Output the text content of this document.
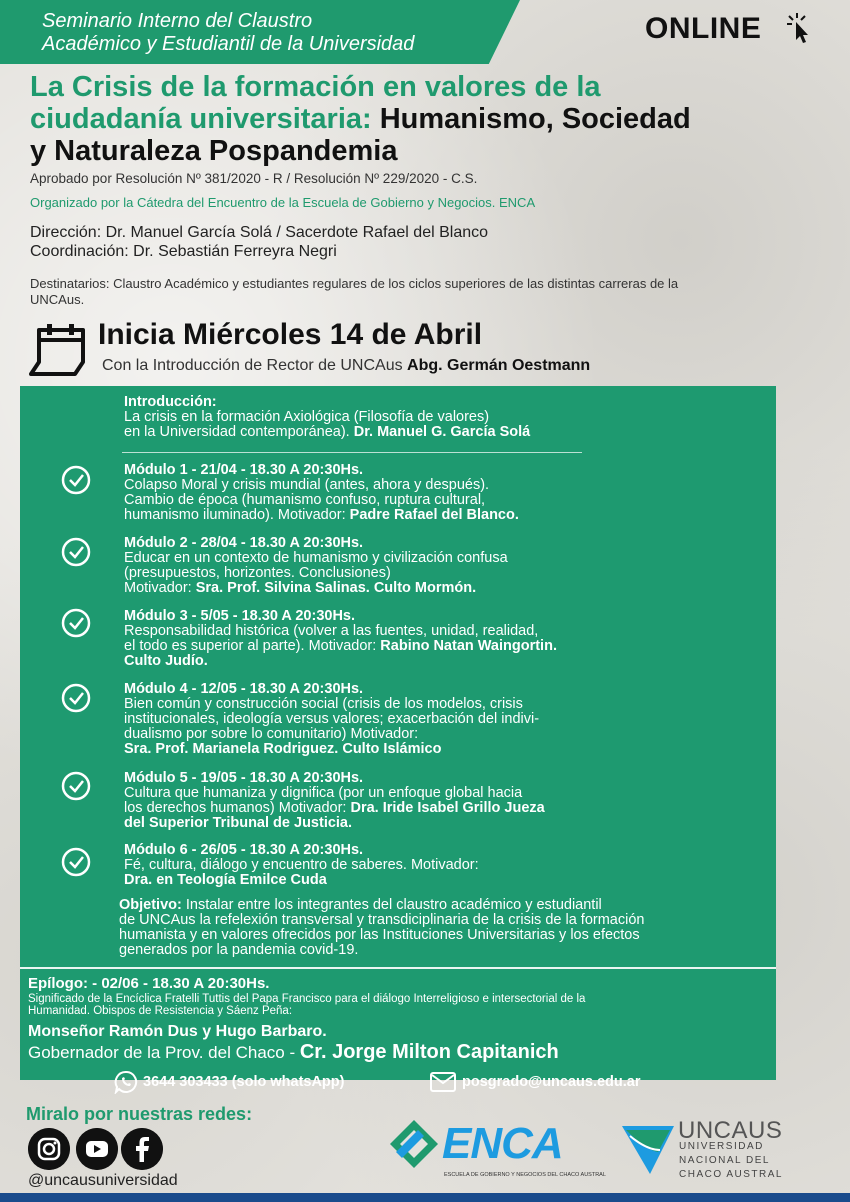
Seminario Interno del Claustro
Académico y Estudiantil de la Universidad	ONLINE
La Crisis de la formación en valores de la
ciudadanía universitaria: Humanismo, Sociedad
y Naturaleza Pospandemia
Aprobado por Resolución Nº 381/2020 - R / Resolución Nº 229/2020 - C.S.
Organizado por la Cátedra del Encuentro de la Escuela de Gobierno y Negocios. ENCA
Dirección: Dr. Manuel García Solá / Sacerdote Rafael del Blanco
Coordinación: Dr. Sebastián Ferreyra Negri
Destinatarios: Claustro Académico y estudiantes regulares de los ciclos superiores de las distintas carreras de la UNCAus.
Inicia Miércoles 14 de Abril
Con la Introducción de Rector de UNCAus Abg. Germán Oestmann
Introducción:
La crisis en la formación Axiológica (Filosofía de valores)
en la Universidad contemporánea). Dr. Manuel G. García Solá
Módulo 1 - 21/04 - 18.30 A 20:30Hs.
Colapso Moral y crisis mundial (antes, ahora y después).
Cambio de época (humanismo confuso, ruptura cultural,
humanismo iluminado). Motivador: Padre Rafael del Blanco.
Módulo 2 - 28/04 - 18.30 A 20:30Hs.
Educar en un contexto de humanismo y civilización confusa
(presupuestos, horizontes. Conclusiones)
Motivador: Sra. Prof. Silvina Salinas. Culto Mormón.
Módulo 3 - 5/05 - 18.30 A 20:30Hs.
Responsabilidad histórica (volver a las fuentes, unidad, realidad,
el todo es superior al parte). Motivador: Rabino Natan Waingortin.
Culto Judío.
Módulo 4 - 12/05 - 18.30 A 20:30Hs.
Bien común y construcción social (crisis de los modelos, crisis
institucionales, ideología versus valores; exacerbación del indivi-
dualismo por sobre lo comunitario) Motivador:
Sra. Prof. Marianela Rodriguez. Culto Islámico
Módulo 5 - 19/05 - 18.30 A 20:30Hs.
Cultura que humaniza y dignifica (por un enfoque global hacia
los derechos humanos) Motivador: Dra. Iride Isabel Grillo Jueza
del Superior Tribunal de Justicia.
Módulo 6 - 26/05 - 18.30 A 20:30Hs.
Fé, cultura, diálogo y encuentro de saberes. Motivador:
Dra. en Teología Emilce Cuda
Objetivo: Instalar entre los integrantes del claustro académico y estudiantil
de UNCAus la refelexión transversal y transdiciplinaria de la crisis de la formación
humanista y en valores ofrecidos por las Instituciones Universitarias y los efectos
generados por la pandemia covid-19.
Epílogo: - 02/06 - 18.30 A 20:30Hs.
Significado de la Encíclica Fratelli Tuttis del Papa Francisco para el diálogo Interreligioso e intersectorial de la
Humanidad. Obispos de Resistencia y Sáenz Peña:
Monseñor Ramón Dus y Hugo Barbaro.
Gobernador de la Prov. del Chaco - Cr. Jorge Milton Capitanich
3644 303433 (solo whatsApp)	posgrado@uncaus.edu.ar
Miralo por nuestras redes:
@uncausuniversidad
ENCA
ESCUELA DE GOBIERNO Y NEGOCIOS DEL CHACO AUSTRAL
UNCAUS
UNIVERSIDAD
NACIONAL DEL
CHACO AUSTRAL
